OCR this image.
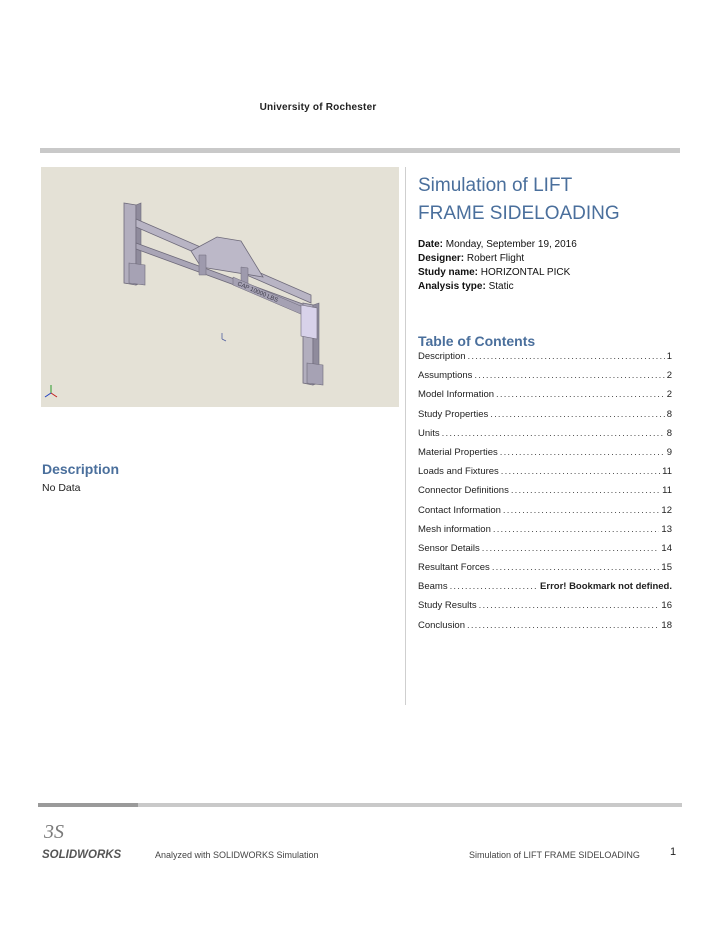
University of Rochester
CAP 10000 LBS
Simulation of LIFT
FRAME SIDELOADING
Date: Monday, September 19, 2016
Designer: Robert Flight
Study name: HORIZONTAL PICK
Analysis type: Static
Table of Contents
Description .....	1
Assumptions .....	2
Model Information .....	2
Study Properties .....	8
Units .....	8
Material Properties .....	9
Loads and Fixtures .....	11
Connector Definitions .....	11
Contact Information .....	12
Mesh information .....	13
Sensor Details .....	14
Resultant Forces .....	15
Beams .....	Error! Bookmark not defined.
Study Results .....	16
Conclusion .....	18
Description
No Data
3S
SOLIDWORKS	Analyzed with SOLIDWORKS Simulation	Simulation of LIFT FRAME SIDELOADING	1
